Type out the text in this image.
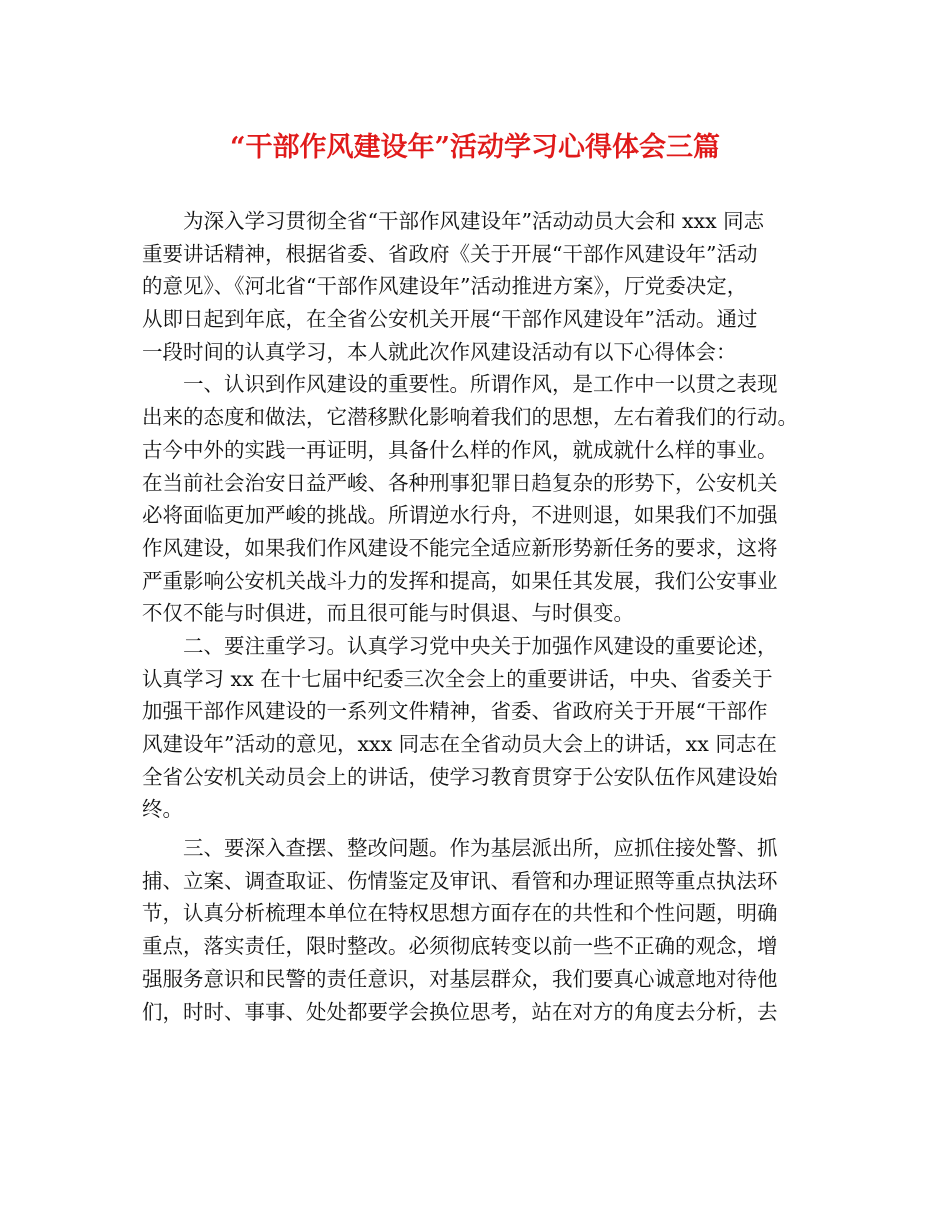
“干部作风建设年”活动学习心得体会三篇
为深入学习贯彻全省“干部作风建设年”活动动员大会和 xxx 同志
重要讲话精神，根据省委、省政府《关于开展“干部作风建设年”活动
的意见》、《河北省“干部作风建设年”活动推进方案》，厅党委决定，
从即日起到年底，在全省公安机关开展“干部作风建设年”活动。通过
一段时间的认真学习，本人就此次作风建设活动有以下心得体会：
一、认识到作风建设的重要性。所谓作风，是工作中一以贯之表现
出来的态度和做法，它潜移默化影响着我们的思想，左右着我们的行动。
古今中外的实践一再证明，具备什么样的作风，就成就什么样的事业。
在当前社会治安日益严峻、各种刑事犯罪日趋复杂的形势下，公安机关
必将面临更加严峻的挑战。所谓逆水行舟，不进则退，如果我们不加强
作风建设，如果我们作风建设不能完全适应新形势新任务的要求，这将
严重影响公安机关战斗力的发挥和提高，如果任其发展，我们公安事业
不仅不能与时俱进，而且很可能与时俱退、与时俱变。
二、要注重学习。认真学习党中央关于加强作风建设的重要论述，
认真学习 xx 在十七届中纪委三次全会上的重要讲话，中央、省委关于
加强干部作风建设的一系列文件精神，省委、省政府关于开展“干部作
风建设年”活动的意见，xxx 同志在全省动员大会上的讲话，xx 同志在
全省公安机关动员会上的讲话，使学习教育贯穿于公安队伍作风建设始
终。
三、要深入查摆、整改问题。作为基层派出所，应抓住接处警、抓
捕、立案、调查取证、伤情鉴定及审讯、看管和办理证照等重点执法环
节，认真分析梳理本单位在特权思想方面存在的共性和个性问题，明确
重点，落实责任，限时整改。必须彻底转变以前一些不正确的观念，增
强服务意识和民警的责任意识，对基层群众，我们要真心诚意地对待他
们，时时、事事、处处都要学会换位思考，站在对方的角度去分析，去
